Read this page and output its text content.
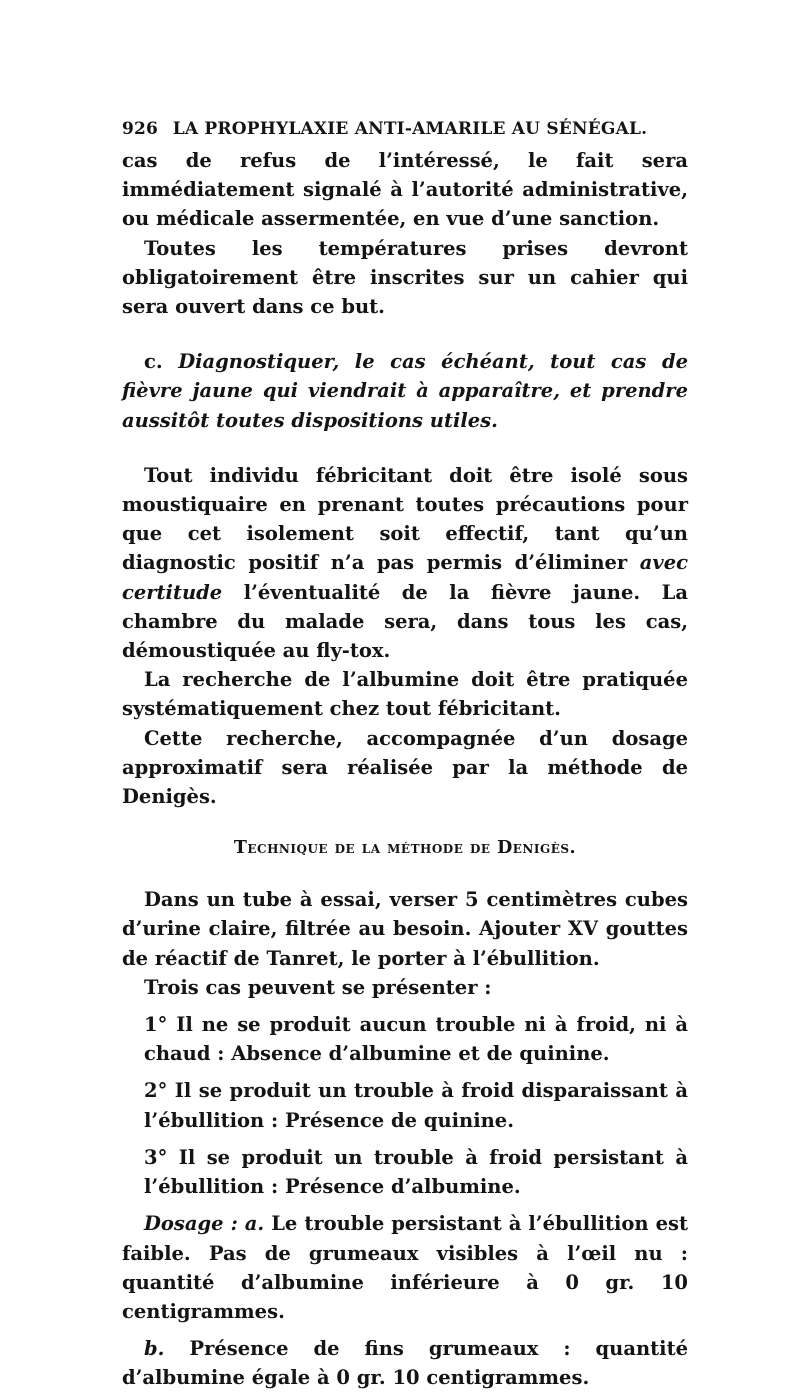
926 LA PROPHYLAXIE ANTI-AMARILE AU SÉNÉGAL.

cas de refus de l’intéressé, le fait sera immédiatement signalé à l’autorité administrative, ou médicale assermentée, en vue d’une sanction.

Toutes les températures prises devront obligatoirement être inscrites sur un cahier qui sera ouvert dans ce but.

c. Diagnostiquer, le cas échéant, tout cas de fièvre jaune qui viendrait à apparaître, et prendre aussitôt toutes dispositions utiles.

Tout individu fébricitant doit être isolé sous moustiquaire en prenant toutes précautions pour que cet isolement soit effectif, tant qu’un diagnostic positif n’a pas permis d’éliminer avec certitude l’éventualité de la fièvre jaune. La chambre du malade sera, dans tous les cas, démoustiquée au fly-tox.

La recherche de l’albumine doit être pratiquée systématiquement chez tout fébricitant.

Cette recherche, accompagnée d’un dosage approximatif sera réalisée par la méthode de Denigès.

Technique de la méthode de Denigès.

Dans un tube à essai, verser 5 centimètres cubes d’urine claire, filtrée au besoin. Ajouter XV gouttes de réactif de Tanret, le porter à l’ébullition.

Trois cas peuvent se présenter :

1° Il ne se produit aucun trouble ni à froid, ni à chaud : Absence d’albumine et de quinine.

2° Il se produit un trouble à froid disparaissant à l’ébullition : Présence de quinine.

3° Il se produit un trouble à froid persistant à l’ébullition : Présence d’albumine.

Dosage : a. Le trouble persistant à l’ébullition est faible. Pas de grumeaux visibles à l’œil nu : quantité d’albumine inférieure à 0 gr. 10 centigrammes.

b. Présence de fins grumeaux : quantité d’albumine égale à 0 gr. 10 centigrammes.
